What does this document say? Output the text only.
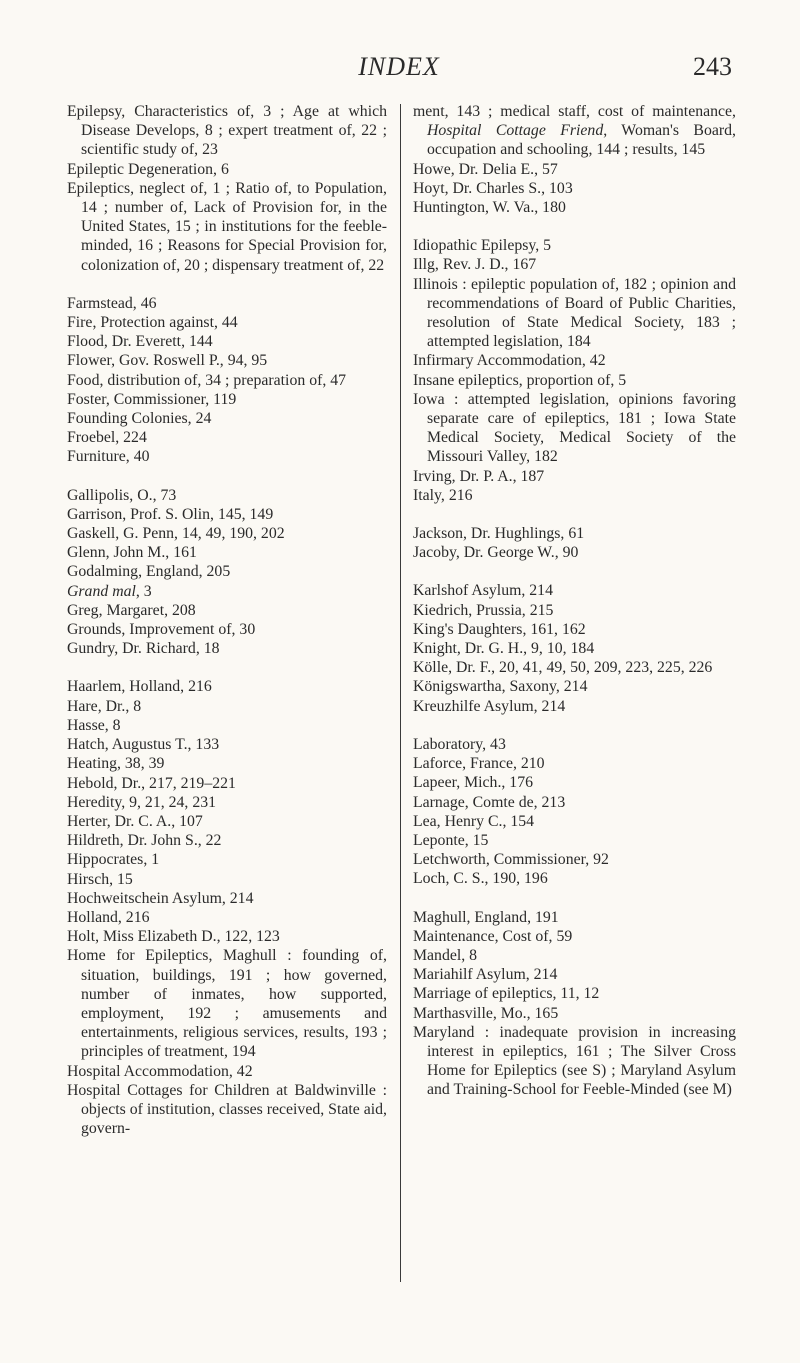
INDEX	243

Epilepsy, Characteristics of, 3 ; Age at which Disease Develops, 8 ; expert treatment of, 22 ; scientific study of, 23

Epileptic Degeneration, 6

Epileptics, neglect of, 1 ; Ratio of, to Population, 14 ; number of, Lack of Provision for, in the United States, 15 ; in institutions for the feeble-minded, 16 ; Reasons for Special Provision for, colonization of, 20 ; dispensary treatment of, 22

Farmstead, 46

Fire, Protection against, 44

Flood, Dr. Everett, 144

Flower, Gov. Roswell P., 94, 95

Food, distribution of, 34 ; preparation of, 47

Foster, Commissioner, 119

Founding Colonies, 24

Froebel, 224

Furniture, 40

Gallipolis, O., 73

Garrison, Prof. S. Olin, 145, 149

Gaskell, G. Penn, 14, 49, 190, 202

Glenn, John M., 161

Godalming, England, 205

Grand mal, 3

Greg, Margaret, 208

Grounds, Improvement of, 30

Gundry, Dr. Richard, 18

Haarlem, Holland, 216

Hare, Dr., 8

Hasse, 8

Hatch, Augustus T., 133

Heating, 38, 39

Hebold, Dr., 217, 219–221

Heredity, 9, 21, 24, 231

Herter, Dr. C. A., 107

Hildreth, Dr. John S., 22

Hippocrates, 1

Hirsch, 15

Hochweitschein Asylum, 214

Holland, 216

Holt, Miss Elizabeth D., 122, 123

Home for Epileptics, Maghull : founding of, situation, buildings, 191 ; how governed, number of inmates, how supported, employment, 192 ; amusements and entertainments, religious services, results, 193 ; principles of treatment, 194

Hospital Accommodation, 42

Hospital Cottages for Children at Baldwinville : objects of institution, classes received, State aid, govern-

ment, 143 ; medical staff, cost of maintenance, Hospital Cottage Friend, Woman's Board, occupation and schooling, 144 ; results, 145

Howe, Dr. Delia E., 57

Hoyt, Dr. Charles S., 103

Huntington, W. Va., 180

Idiopathic Epilepsy, 5

Illg, Rev. J. D., 167

Illinois : epileptic population of, 182 ; opinion and recommendations of Board of Public Charities, resolution of State Medical Society, 183 ; attempted legislation, 184

Infirmary Accommodation, 42

Insane epileptics, proportion of, 5

Iowa : attempted legislation, opinions favoring separate care of epileptics, 181 ; Iowa State Medical Society, Medical Society of the Missouri Valley, 182

Irving, Dr. P. A., 187

Italy, 216

Jackson, Dr. Hughlings, 61

Jacoby, Dr. George W., 90

Karlshof Asylum, 214

Kiedrich, Prussia, 215

King's Daughters, 161, 162

Knight, Dr. G. H., 9, 10, 184

Kölle, Dr. F., 20, 41, 49, 50, 209, 223, 225, 226

Königswartha, Saxony, 214

Kreuzhilfe Asylum, 214

Laboratory, 43

Laforce, France, 210

Lapeer, Mich., 176

Larnage, Comte de, 213

Lea, Henry C., 154

Leponte, 15

Letchworth, Commissioner, 92

Loch, C. S., 190, 196

Maghull, England, 191

Maintenance, Cost of, 59

Mandel, 8

Mariahilf Asylum, 214

Marriage of epileptics, 11, 12

Marthasville, Mo., 165

Maryland : inadequate provision in increasing interest in epileptics, 161 ; The Silver Cross Home for Epileptics (see S) ; Maryland Asylum and Training-School for Feeble-Minded (see M)
